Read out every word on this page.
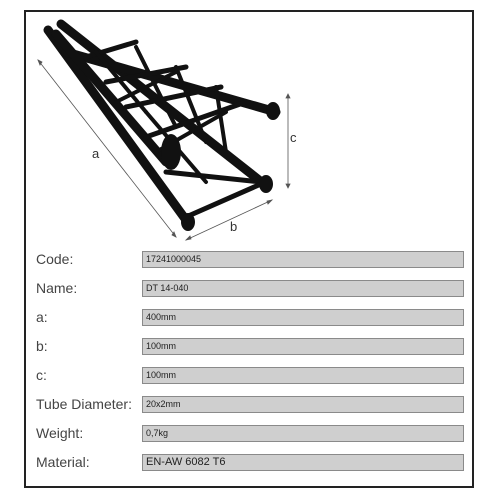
a
b
c
Code:	17241000045
Name:	DT 14-040
a:	400mm
b:	100mm
c:	100mm
Tube Diameter:	20x2mm
Weight:	0,7kg
Material:	EN-AW 6082 T6
